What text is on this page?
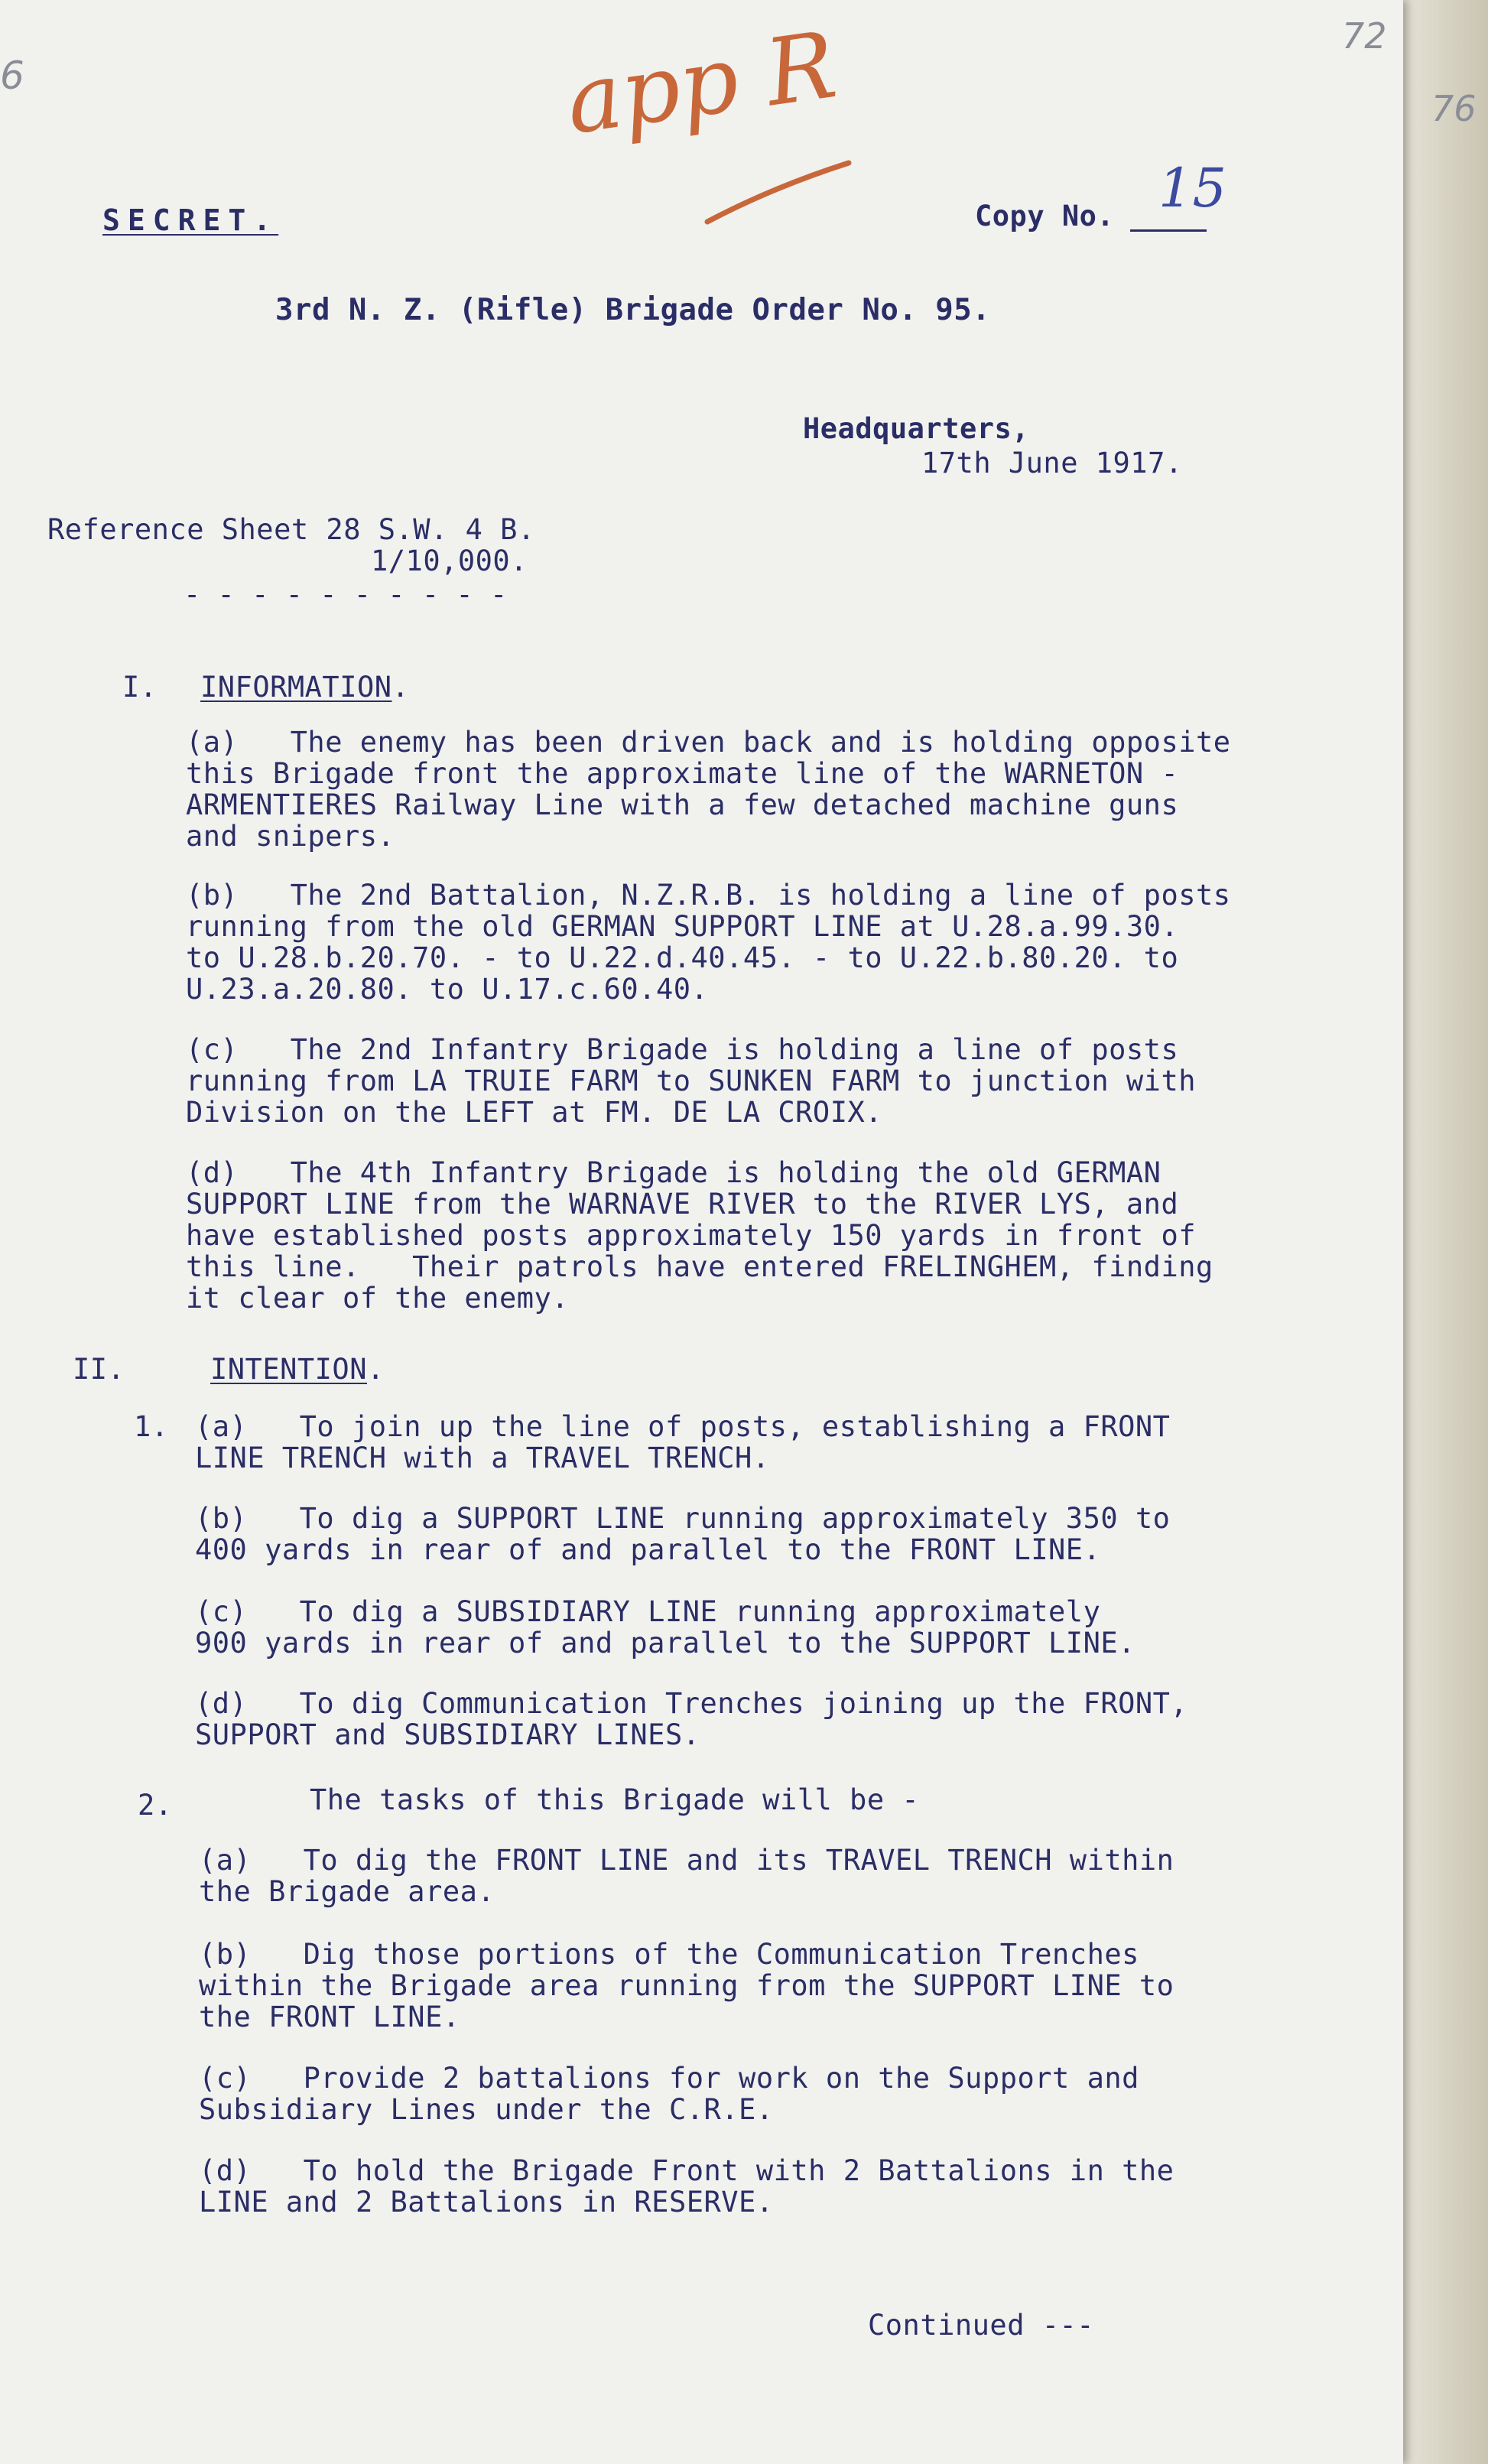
72
6
SECRET.
app R
Copy No. 15
3rd N. Z. (Rifle) Brigade Order No. 95.
Headquarters,
17th June 1917.
Reference Sheet 28 S.W. 4 B.
1/10,000.
- - - - - - - - - -
I. INFORMATION.
(a)   The enemy has been driven back and is holding opposite
this Brigade front the approximate line of the WARNETON -
ARMENTIERES Railway Line with a few detached machine guns
and snipers.
(b)   The 2nd Battalion, N.Z.R.B. is holding a line of posts
running from the old GERMAN SUPPORT LINE at U.28.a.99.30.
to U.28.b.20.70. - to U.22.d.40.45. - to U.22.b.80.20. to
U.23.a.20.80. to U.17.c.60.40.
(c)   The 2nd Infantry Brigade is holding a line of posts
running from LA TRUIE FARM to SUNKEN FARM to junction with
Division on the LEFT at FM. DE LA CROIX.
(d)   The 4th Infantry Brigade is holding the old GERMAN
SUPPORT LINE from the WARNAVE RIVER to the RIVER LYS, and
have established posts approximately 150 yards in front of
this line.   Their patrols have entered FRELINGHEM, finding
it clear of the enemy.
II.	INTENTION.
1. (a)   To join up the line of posts, establishing a FRONT
LINE TRENCH with a TRAVEL TRENCH.
(b)   To dig a SUPPORT LINE running approximately 350 to
400 yards in rear of and parallel to the FRONT LINE.
(c)   To dig a SUBSIDIARY LINE running approximately
900 yards in rear of and parallel to the SUPPORT LINE.
(d)   To dig Communication Trenches joining up the FRONT,
SUPPORT and SUBSIDIARY LINES.
2.	The tasks of this Brigade will be -
(a)   To dig the FRONT LINE and its TRAVEL TRENCH within
the Brigade area.
(b)   Dig those portions of the Communication Trenches
within the Brigade area running from the SUPPORT LINE to
the FRONT LINE.
(c)   Provide 2 battalions for work on the Support and
Subsidiary Lines under the C.R.E.
(d)   To hold the Brigade Front with 2 Battalions in the
LINE and 2 Battalions in RESERVE.
Continued ---
76
